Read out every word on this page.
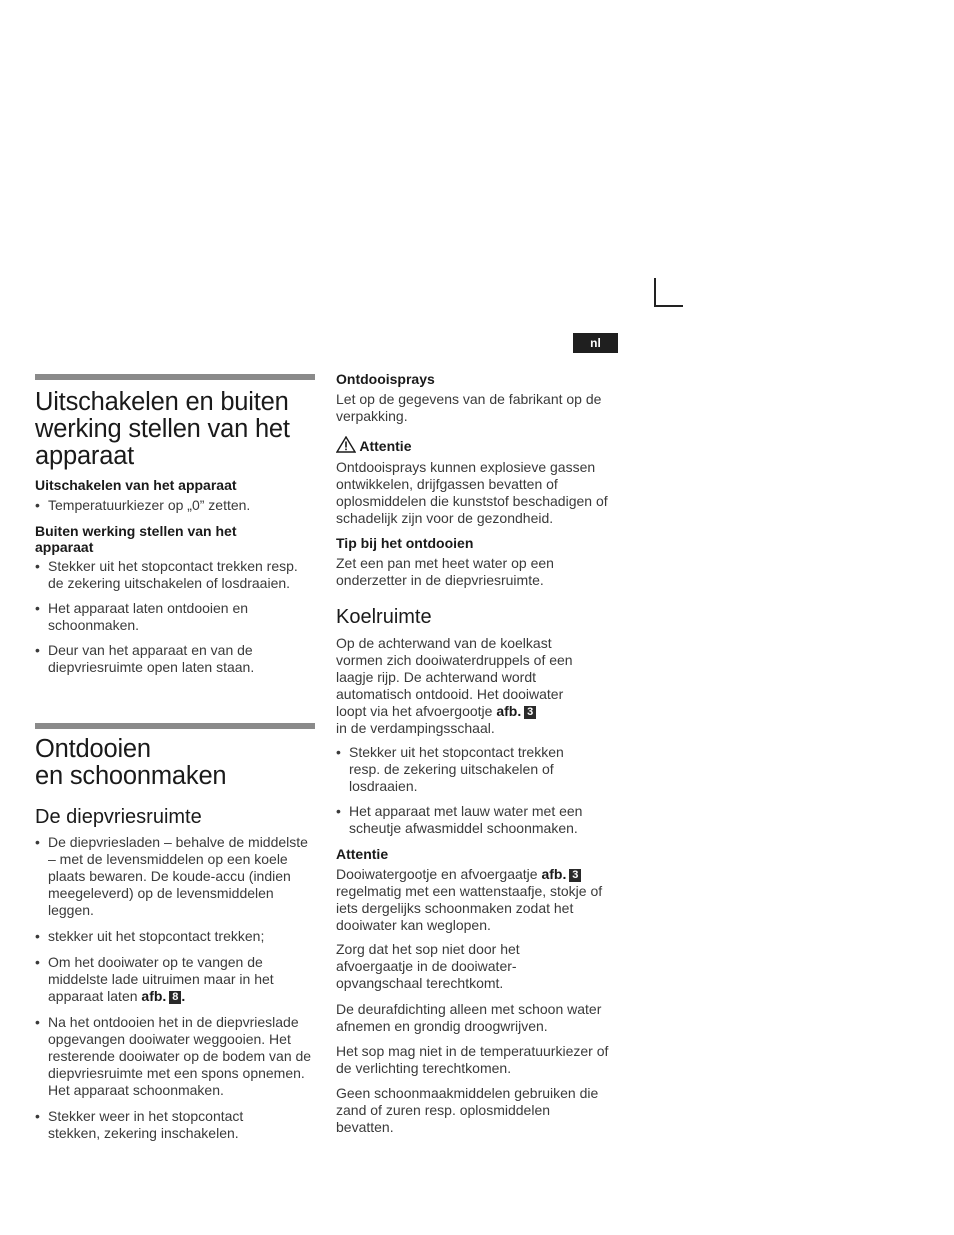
nl
Uitschakelen en buiten werking stellen van het apparaat
Uitschakelen van het apparaat
• Temperatuurkiezer op „0” zetten.
Buiten werking stellen van het apparaat
• Stekker uit het stopcontact trekken resp. de zekering uitschakelen of losdraaien.
• Het apparaat laten ontdooien en schoonmaken.
• Deur van het apparaat en van de diepvriesruimte open laten staan.
Ontdooien
en schoonmaken
De diepvriesruimte
• De diepvriesladen – behalve de middelste – met de levensmiddelen op een koele plaats bewaren. De koude-accu (indien meegeleverd) op de levensmiddelen leggen.
• stekker uit het stopcontact trekken;
• Om het dooiwater op te vangen de middelste lade uitruimen maar in het apparaat laten afb. 8 .
• Na het ontdooien het in de diepvrieslade opgevangen dooiwater weggooien. Het resterende dooiwater op de bodem van de diepvriesruimte met een spons opnemen. Het apparaat schoonmaken.
• Stekker weer in het stopcontact stekken, zekering inschakelen.
Ontdooisprays

Let op de gegevens van de fabrikant op de verpakking.

Attentie

Ontdooisprays kunnen explosieve gassen ontwikkelen, drijfgassen bevatten of oplosmiddelen die kunststof beschadigen of schadelijk zijn voor de gezondheid.

Tip bij het ontdooien

Zet een pan met heet water op een onderzetter in de diepvriesruimte.

Koelruimte

Op de achterwand van de koelkast vormen zich dooiwaterdruppels of een laagje rijp. De achterwand wordt automatisch ontdooid. Het dooiwater loopt via het afvoergootje afb. 3
in de verdampingsschaal.

• Stekker uit het stopcontact trekken resp. de zekering uitschakelen of losdraaien.
• Het apparaat met lauw water met een scheutje afwasmiddel schoonmaken.
Attentie

Dooiwatergootje en afvoergaatje afb. 3 regelmatig met een wattenstaafje, stokje of iets dergelijks schoonmaken zodat het dooiwater kan weglopen.

Zorg dat het sop niet door het afvoergaatje in de dooiwater-opvangschaal terechtkomt.

De deurafdichting alleen met schoon water afnemen en grondig droogwrijven.

Het sop mag niet in de temperatuurkiezer of de verlichting terechtkomen.

Geen schoonmaakmiddelen gebruiken die zand of zuren resp. oplosmiddelen bevatten.
